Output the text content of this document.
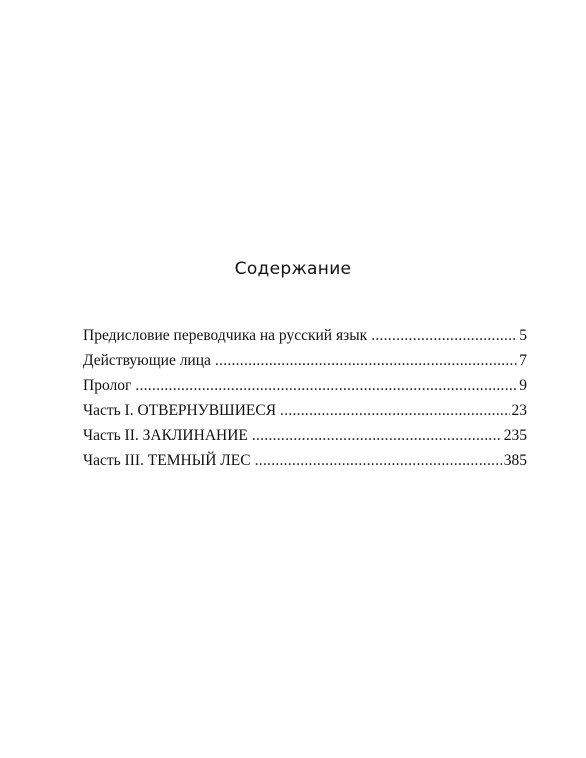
Содержание
Предисловие переводчика на русский язык . . .	5
Действующие лица . . .	7
Пролог . . .	9
Часть I. ОТВЕРНУВШИЕСЯ . . .	23
Часть II. ЗАКЛИНАНИЕ . . .	235
Часть III. ТЕМНЫЙ ЛЕС . . .	385
